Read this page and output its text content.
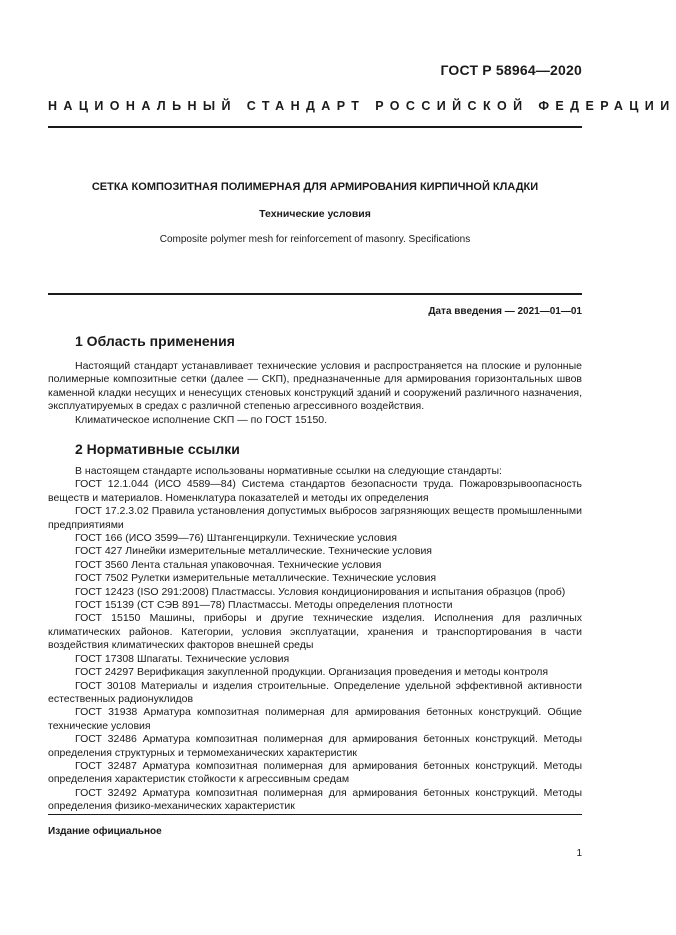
ГОСТ Р 58964—2020
НАЦИОНАЛЬНЫЙ СТАНДАРТ РОССИЙСКОЙ ФЕДЕРАЦИИ
СЕТКА КОМПОЗИТНАЯ ПОЛИМЕРНАЯ ДЛЯ АРМИРОВАНИЯ КИРПИЧНОЙ КЛАДКИ
Технические условия
Composite polymer mesh for reinforcement of masonry. Specifications
Дата введения — 2021—01—01
1 Область применения

Настоящий стандарт устанавливает технические условия и распространяется на плоские и рулонные полимерные композитные сетки (далее — СКП), предназначенные для армирования горизонтальных швов каменной кладки несущих и ненесущих стеновых конструкций зданий и сооружений различного назначения, эксплуатируемых в средах с различной степенью агрессивного воздействия.

Климатическое исполнение СКП — по ГОСТ 15150.

2 Нормативные ссылки

В настоящем стандарте использованы нормативные ссылки на следующие стандарты:

ГОСТ 12.1.044 (ИСО 4589—84) Система стандартов безопасности труда. Пожаровзрывоопасность веществ и материалов. Номенклатура показателей и методы их определения

ГОСТ 17.2.3.02 Правила установления допустимых выбросов загрязняющих веществ промышленными предприятиями

ГОСТ 166 (ИСО 3599—76) Штангенциркули. Технические условия

ГОСТ 427 Линейки измерительные металлические. Технические условия

ГОСТ 3560 Лента стальная упаковочная. Технические условия

ГОСТ 7502 Рулетки измерительные металлические. Технические условия

ГОСТ 12423 (ISO 291:2008) Пластмассы. Условия кондиционирования и испытания образцов (проб)

ГОСТ 15139 (СТ СЭВ 891—78) Пластмассы. Методы определения плотности

ГОСТ 15150 Машины, приборы и другие технические изделия. Исполнения для различных климатических районов. Категории, условия эксплуатации, хранения и транспортирования в части воздействия климатических факторов внешней среды

ГОСТ 17308 Шпагаты. Технические условия

ГОСТ 24297 Верификация закупленной продукции. Организация проведения и методы контроля

ГОСТ 30108 Материалы и изделия строительные. Определение удельной эффективной активности естественных радионуклидов

ГОСТ 31938 Арматура композитная полимерная для армирования бетонных конструкций. Общие технические условия

ГОСТ 32486 Арматура композитная полимерная для армирования бетонных конструкций. Методы определения структурных и термомеханических характеристик

ГОСТ 32487 Арматура композитная полимерная для армирования бетонных конструкций. Методы определения характеристик стойкости к агрессивным средам

ГОСТ 32492 Арматура композитная полимерная для армирования бетонных конструкций. Методы определения физико-механических характеристик

Издание официальное
1
